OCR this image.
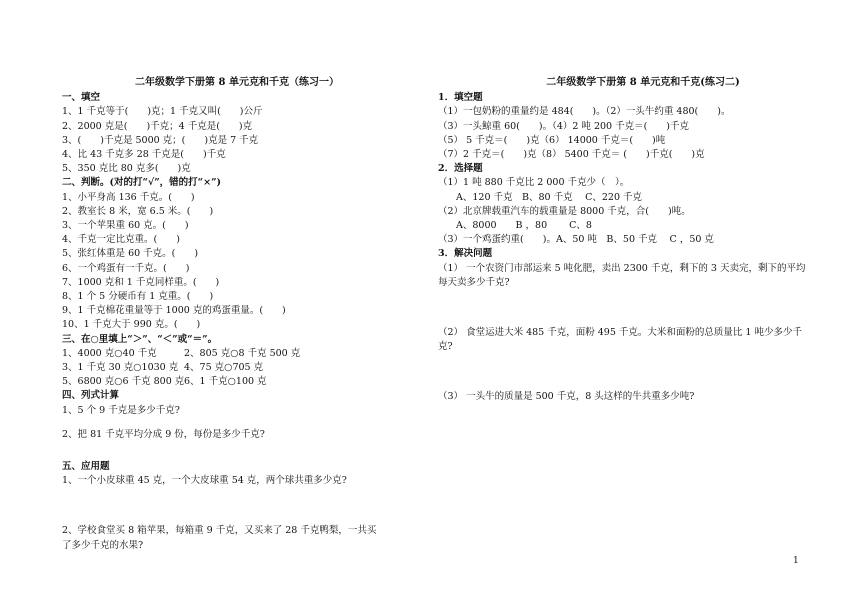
二年级数学下册第 8 单元克和千克（练习一）
一、填空
1、1 千克等于(　　)克；1 千克又叫(　　)公斤
2、2000 克是(　　)千克；4 千克是(　　)克
3、(　　)千克是 5000 克；(　　)克是 7 千克
4、比 43 千克多 28 千克是(　　)千克
5、350 克比 80 克多(　　)克
二、判断。(对的打“√”，错的打“×”)
1、小平身高 136 千克。(　　)
2、教室长 8 米，宽 6.5 米。(　　)
3、一个苹果重 60 克。(　　)
4、千克一定比克重。(　　)
5、张红体重是 60 千克。(　　)
6、一个鸡蛋有一千克。(　　)
7、1000 克和 1 千克同样重。(　　)
8、1 个 5 分硬币有 1 克重。(　　)
9、1 千克棉花重量等于 1000 克的鸡蛋重量。(　　)
10、1 千克大于 990 克。(　　)
三、在○里填上“＞”、“＜”或“＝”。
1、4000 克○40 千克	2、805 克○8 千克 500 克
3、1 千克 30 克○1030 克 4、75 克○705 克
5、6800 克○6 千克 800 克6、1 千克○100 克
四、列式计算
1、5 个 9 千克是多少千克?
2、把 81 千克平均分成 9 份，每份是多少千克?
五、应用题
1、一个小皮球重 45 克，一个大皮球重 54 克，两个球共重多少克?
2、学校食堂买 8 箱苹果，每箱重 9 千克，又买来了 28 千克鸭梨，一共买了多少千克的水果?
二年级数学下册第 8 单元克和千克(练习二)
1．填空题
（1）一包奶粉的重量约是 484(　　)。（2）一头牛约重 480(　　)。
（3）一头鲸重 60(　　)。（4）2 吨 200 千克＝(　　)千克
（5） 5 千克＝(　　)克（6） 14000 千克＝(　　)吨
（7）2 千克＝(　　)克（8） 5400 千克＝ (　　)千克(　　)克
2．选择题
（1）1 吨 880 千克比 2 000 千克少（　）。
A、120 千克　B、80 千克　 C、220 千克
（2）北京牌载重汽车的载重量是 8000 千克，合(　　)吨。
A、8000　　B ，80　　 C、8
（3）一个鸡蛋约重(　　)。A、50 吨　B、50 千克　 C ，50 克
3．解决问题
（1） 一个农资门市部运来 5 吨化肥，卖出 2300 千克，剩下的 3 天卖完，剩下的平均每天卖多少千克?
（2） 食堂运进大米 485 千克，面粉 495 千克。大米和面粉的总质量比 1 吨少多少千克?
（3） 一头牛的质量是 500 千克，8 头这样的牛共重多少吨?
1
